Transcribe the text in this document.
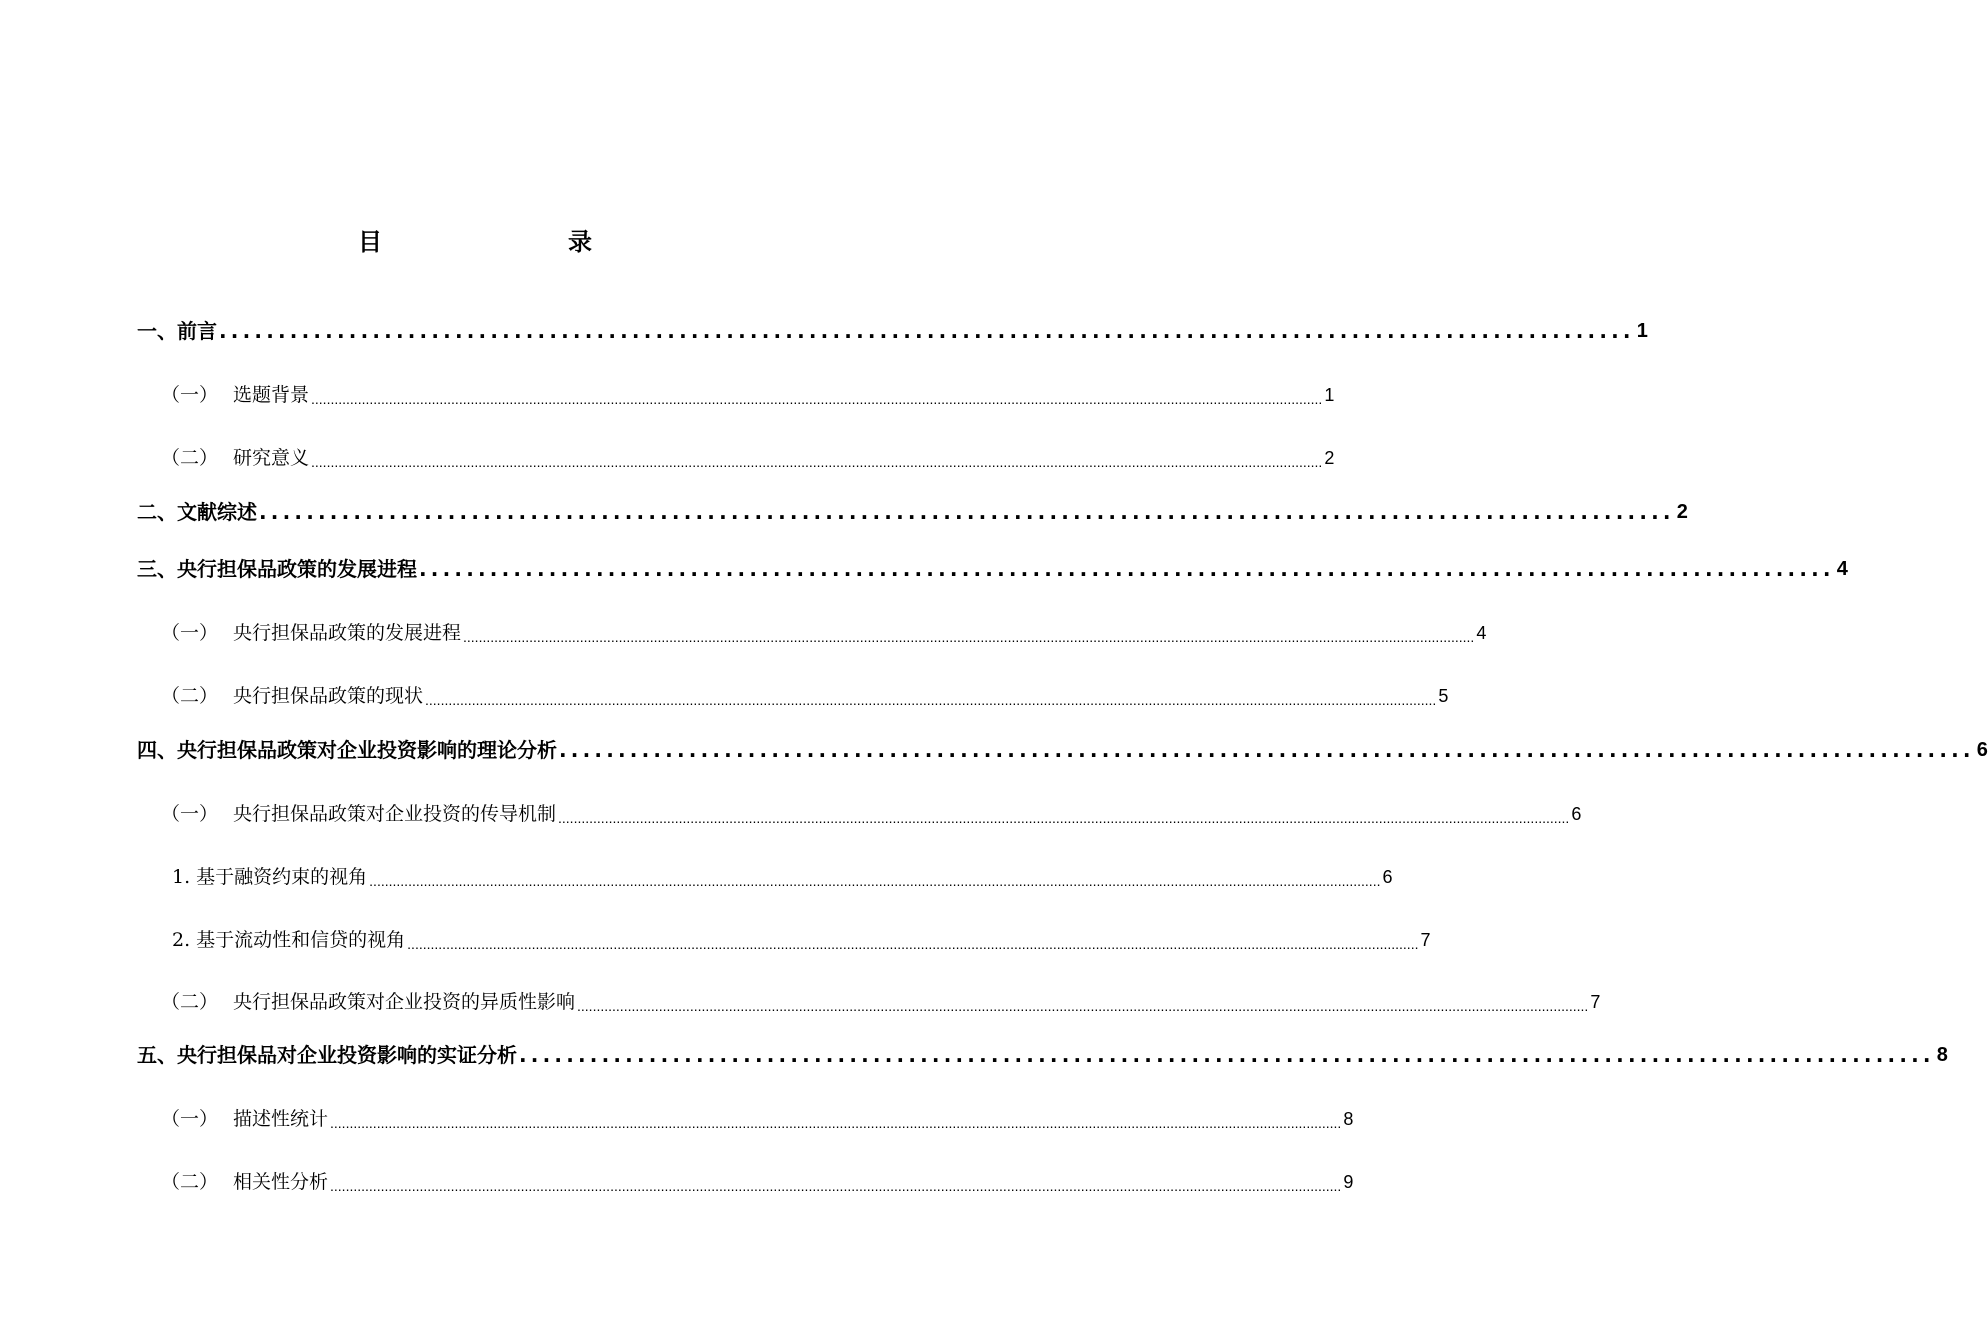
目　　录
一、前言 ........................................................................................................................ 1
（一） 选题背景 .................................................................................................................................................................................................................................................................... 1
（二） 研究意义 .................................................................................................................................................................................................................................................................... 2
二、文献综述 ........................................................................................................................ 2
三、央行担保品政策的发展进程 ........................................................................................................................ 4
（一） 央行担保品政策的发展进程 .................................................................................................................................................................................................................................................................... 4
（二） 央行担保品政策的现状 .................................................................................................................................................................................................................................................................... 5
四、央行担保品政策对企业投资影响的理论分析 ........................................................................................................................ 6
（一） 央行担保品政策对企业投资的传导机制 .................................................................................................................................................................................................................................................................... 6
1. 基于融资约束的视角 .................................................................................................................................................................................................................................................................... 6
2. 基于流动性和信贷的视角 .................................................................................................................................................................................................................................................................... 7
（二） 央行担保品政策对企业投资的异质性影响 .................................................................................................................................................................................................................................................................... 7
五、央行担保品对企业投资影响的实证分析 ........................................................................................................................ 8
（一） 描述性统计 .................................................................................................................................................................................................................................................................... 8
（二） 相关性分析 .................................................................................................................................................................................................................................................................... 9
